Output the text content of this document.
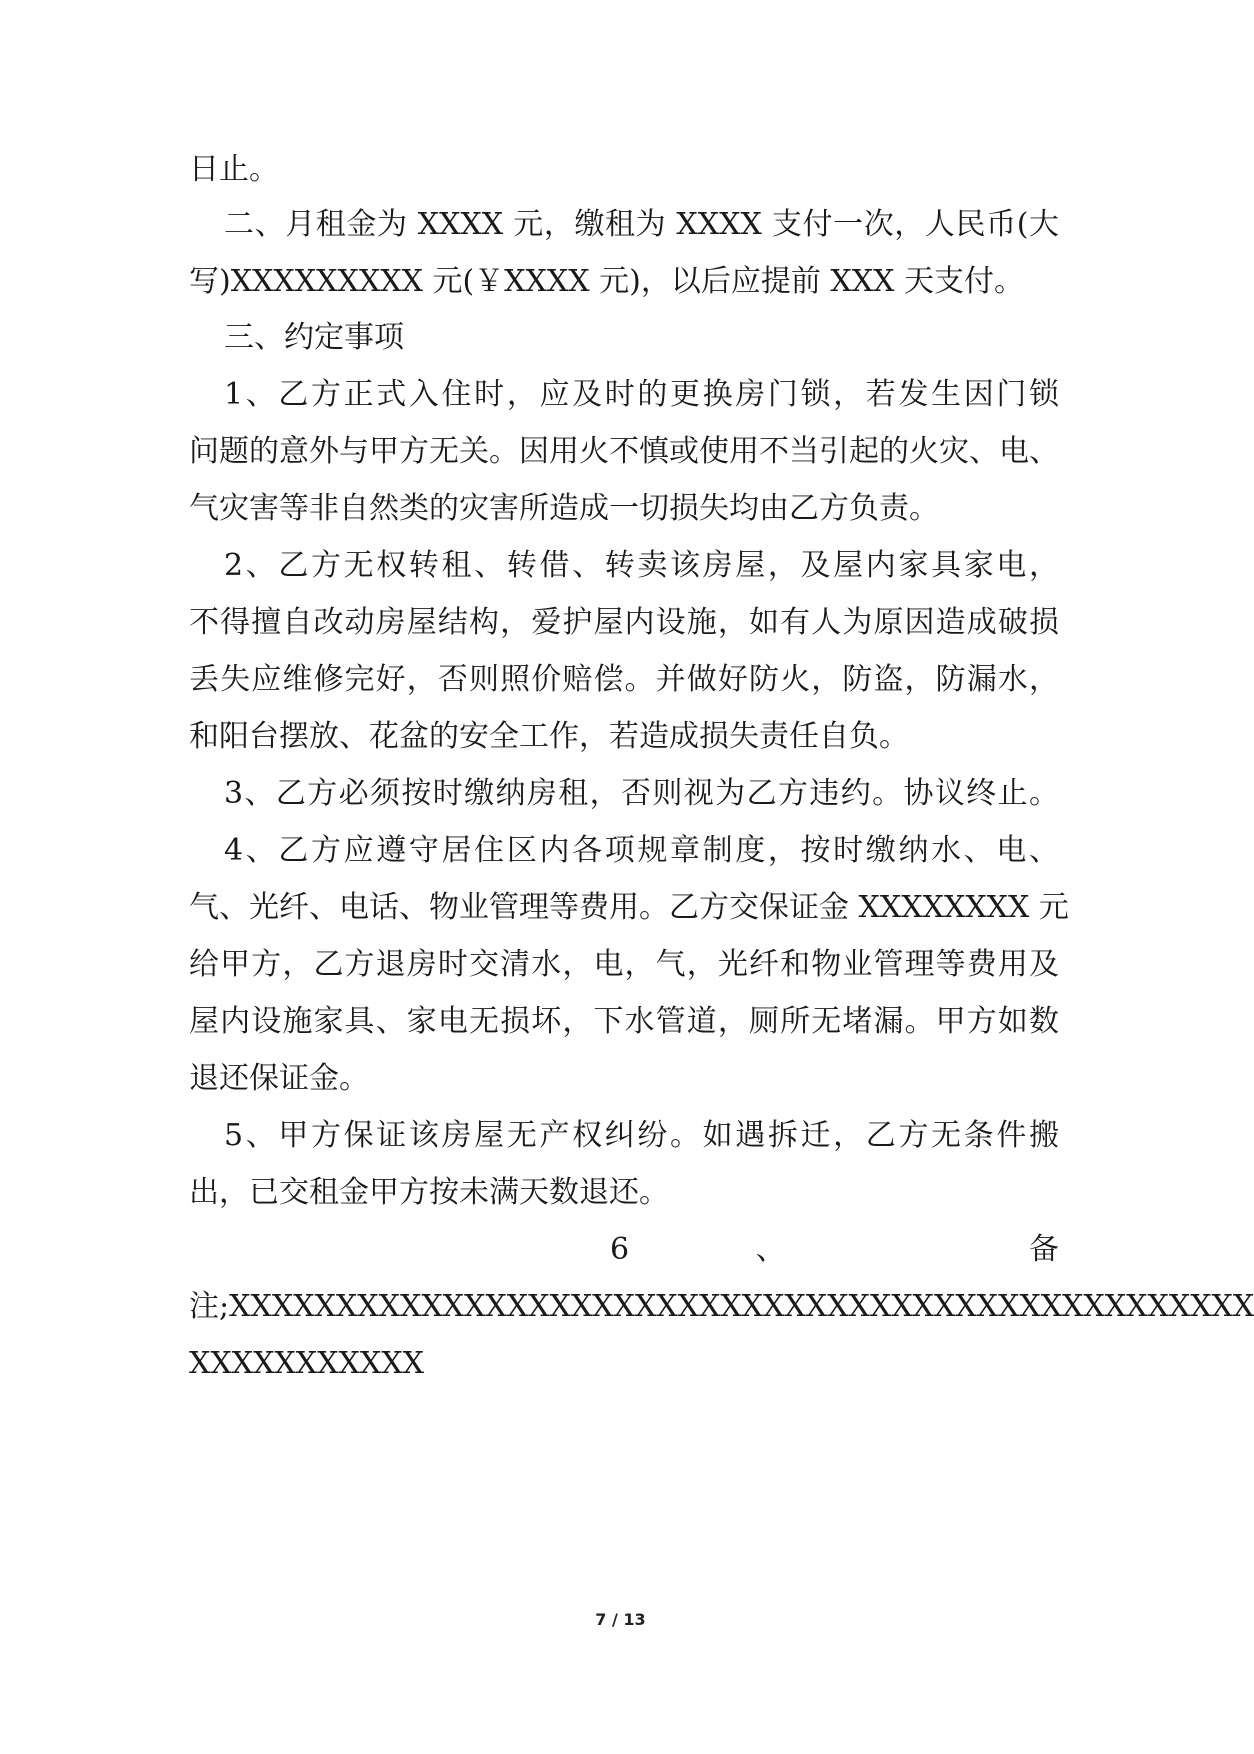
日止。
二、月租金为 XXXX 元，缴租为 XXXX 支付一次，人民币(大
写)XXXXXXXXX 元(￥XXXX 元)，以后应提前 XXX 天支付。
三、约定事项
1、乙方正式入住时，应及时的更换房门锁，若发生因门锁
问题的意外与甲方无关。因用火不慎或使用不当引起的火灾、电、
气灾害等非自然类的灾害所造成一切损失均由乙方负责。
2、乙方无权转租、转借、转卖该房屋，及屋内家具家电，
不得擅自改动房屋结构，爱护屋内设施，如有人为原因造成破损
丢失应维修完好，否则照价赔偿。并做好防火，防盗，防漏水，
和阳台摆放、花盆的安全工作，若造成损失责任自负。
3、乙方必须按时缴纳房租，否则视为乙方违约。协议终止。
4、乙方应遵守居住区内各项规章制度，按时缴纳水、电、
气、光纤、电话、物业管理等费用。乙方交保证金 XXXXXXXX 元
给甲方，乙方退房时交清水，电，气，光纤和物业管理等费用及
屋内设施家具、家电无损坏，下水管道，厕所无堵漏。甲方如数
退还保证金。
5、甲方保证该房屋无产权纠纷。如遇拆迁，乙方无条件搬
出，已交租金甲方按未满天数退还。
6 、 备
注;XXXXXXXXXXXXXXXXXXXXXXXXXXXXXXXXXXXXXXXXXXXXXXXX
XXXXXXXXXXX
7 / 13
